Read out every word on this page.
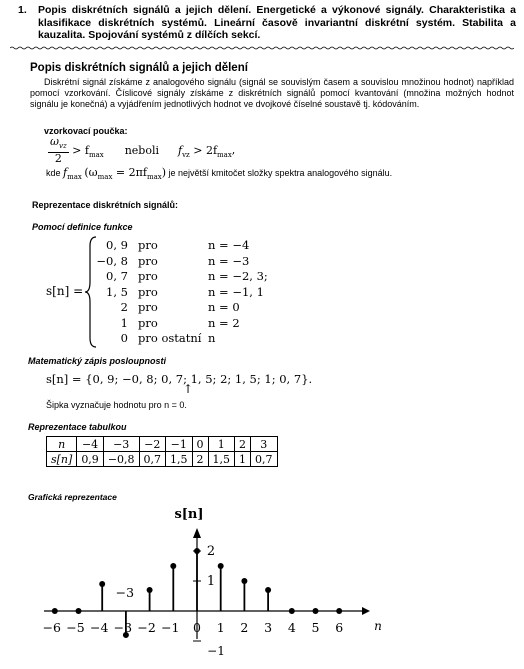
1. Popis diskrétních signálů a jejich dělení. Energetické a výkonové signály. Charakteristika a klasifikace diskrétních systémů. Lineární časově invariantní diskrétní systém. Stabilita a kauzalita. Spojování systémů z dílčích sekcí.
Popis diskrétních signálů a jejich dělení
Diskrétní signál získáme z analogového signálu (signál se souvislým časem a souvislou množinou hodnot) například pomocí vzorkování. Číslicové signály získáme z diskrétních signálů pomocí kvantování (množina možných hodnot signálu je konečná) a vyjádřením jednotlivých hodnot ve dvojkové číselné soustavě tj. kódováním.
vzorkovací poučka:
$\omega_{vz}$
2
> $f_{max}$ neboli $f_{vz} > 2f_{max}$,
kde $f_{max}$ $(\omega_{max} = 2\pi f_{max})$ je největší kmitočet složky spektra analogového signálu.
Reprezentace diskrétních signálů:
Pomocí definice funkce
s[n] =
0, 9 pro	n = −4
−0, 8 pro	n = −3
0, 7 pro	n = −2, 3;
1, 5 pro	n = −1, 1
2 pro	n = 0
1 pro	n = 2
0 pro ostatní n
Matematický zápis posloupnosti
s[n] = {0, 9; −0, 8; 0, 7; 1, 5; 2; 1, 5; 1; 0, 7}.
↑
Šipka vyznačuje hodnotu pro n = 0.
Reprezentace tabulkou
n	−4	−3	−2	−1	0	1	2	3
s[n]	0,9	−0,8	0,7	1,5	2	1,5	1	0,7
Grafická reprezentace
s[n]
n
2
1
−1
−6 −5 −4 −3 −2 −1 0 1 2 3 4 5 6
−3
